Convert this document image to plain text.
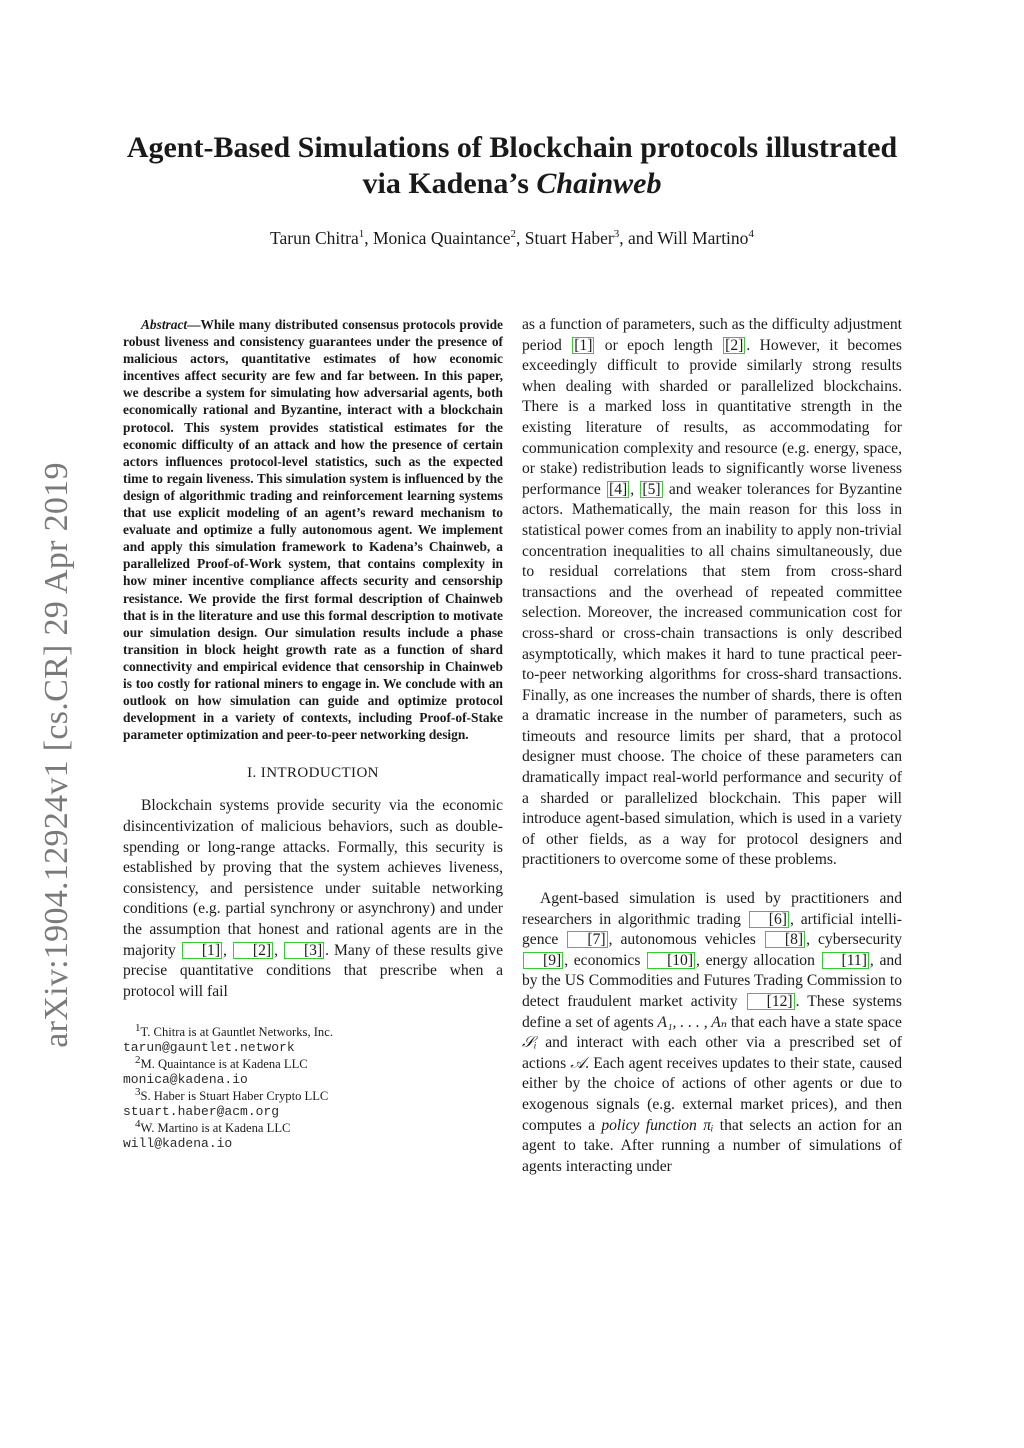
arXiv:1904.12924v1 [cs.CR] 29 Apr 2019
Agent-Based Simulations of Blockchain protocols illustrated
via Kadena’s Chainweb
Tarun Chitra$^1$, Monica Quaintance$^2$, Stuart Haber$^3$, and Will Martino$^4$

Abstract—While many distributed consensus protocols provide robust liveness and consistency guarantees under the presence of malicious actors, quantitative estimates of how economic incentives affect security are few and far between. In this paper, we describe a system for simulating how adversarial agents, both economically rational and Byzantine, interact with a blockchain protocol. This system provides statistical estimates for the economic difficulty of an attack and how the presence of certain actors influences protocol-level statistics, such as the expected time to regain liveness. This simulation system is influenced by the design of algorithmic trading and reinforcement learning systems that use explicit modeling of an agent’s reward mechanism to evaluate and optimize a fully autonomous agent. We implement and apply this simulation framework to Kadena’s Chainweb, a parallelized Proof-of-Work system, that contains complexity in how miner incentive compliance affects security and censorship resistance. We provide the first formal description of Chainweb that is in the literature and use this formal description to motivate our simulation design. Our simulation results include a phase transition in block height growth rate as a function of shard connectivity and empirical evidence that censorship in Chainweb is too costly for rational miners to engage in. We conclude with an outlook on how simulation can guide and optimize protocol development in a variety of contexts, including Proof-of-Stake parameter optimization and peer-to-peer networking design.

I. INTRODUCTION

Blockchain systems provide security via the economic disincentivization of malicious behaviors, such as double-spending or long-range attacks. Formally, this security is established by proving that the system achieves liveness, consistency, and persistence under suitable networking conditions (e.g. partial synchrony or asynchrony) and under the assumption that honest and rational agents are in the majority [1] , [2] , [3] . Many of these results give precise quantitative conditions that prescribe when a protocol will fail

$^1$T. Chitra is at Gauntlet Networks, Inc.
tarun@gauntlet.network
$^2$M. Quaintance is at Kadena LLC
monica@kadena.io
$^3$S. Haber is Stuart Haber Crypto LLC
stuart.haber@acm.org
$^4$W. Martino is at Kadena LLC
will@kadena.io

as a function of parameters, such as the difficulty adjustment period [1] or epoch length [2] . However, it becomes exceedingly difficult to provide similarly strong results when dealing with sharded or parallelized blockchains. There is a marked loss in quantitative strength in the existing literature of results, as accommodating for communication complexity and resource (e.g. energy, space, or stake) redistribution leads to significantly worse liveness performance [4] , [5] and weaker tolerances for Byzantine actors. Mathematically, the main reason for this loss in statistical power comes from an inability to apply non-trivial concentration inequalities to all chains simultaneously, due to residual correlations that stem from cross-shard transactions and the overhead of repeated committee selection. Moreover, the increased communication cost for cross-shard or cross-chain transactions is only described asymptotically, which makes it hard to tune practical peer-to-peer networking algorithms for cross-shard transactions. Finally, as one increases the number of shards, there is often a dramatic increase in the number of parameters, such as timeouts and resource limits per shard, that a protocol designer must choose. The choice of these parameters can dramatically impact real-world performance and security of a sharded or parallelized blockchain. This paper will introduce agent-based simulation, which is used in a variety of other fields, as a way for protocol designers and practitioners to overcome some of these problems.

Agent-based simulation is used by practitioners and researchers in algorithmic trading [6] , artificial intelligence [7] , autonomous vehicles [8] , cybersecurity [9] , economics [10] , energy allocation [11] , and by the US Commodities and Futures Trading Commission to detect fraudulent market activity [12] . These systems define a set of agents A₁, . . . , Aₙ that each have a state space 𝒮ᵢ and interact with each other via a prescribed set of actions 𝒜. Each agent receives updates to their state, caused either by the choice of actions of other agents or due to exogenous signals (e.g. external market prices), and then computes a policy function πᵢ that selects an action for an agent to take. After running a number of simulations of agents interacting under
